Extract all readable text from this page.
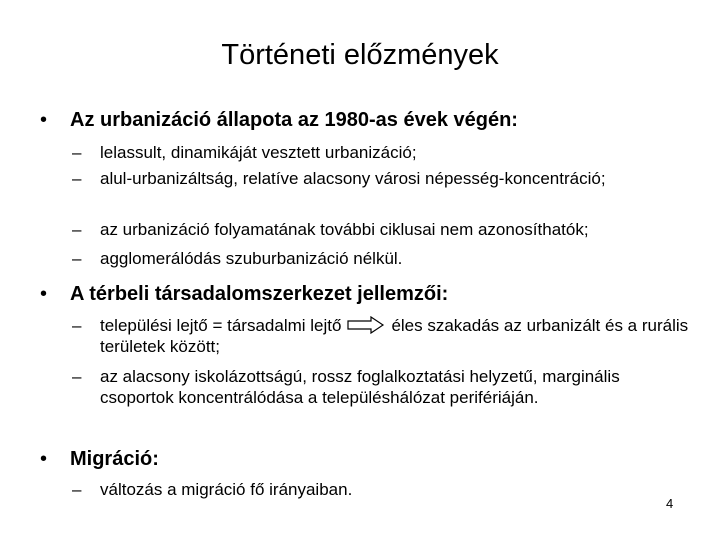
Történeti előzmények
• Az urbanizáció állapota az 1980-as évek végén:
– lelassult, dinamikáját vesztett urbanizáció;
– alul-urbanizáltság, relatíve alacsony városi népesség-koncentráció;
– az urbanizáció folyamatának további ciklusai nem azonosíthatók;
– agglomerálódás szuburbanizáció nélkül.
• A térbeli társadalomszerkezet jellemzői:
– települési lejtő = társadalmi lejtő	éles szakadás az urbanizált és a rurális területek között;
– az alacsony iskolázottságú, rossz foglalkoztatási helyzetű, marginális csoportok koncentrálódása a településhálózat perifériáján.
• Migráció:
– változás a migráció fő irányaiban.
4
